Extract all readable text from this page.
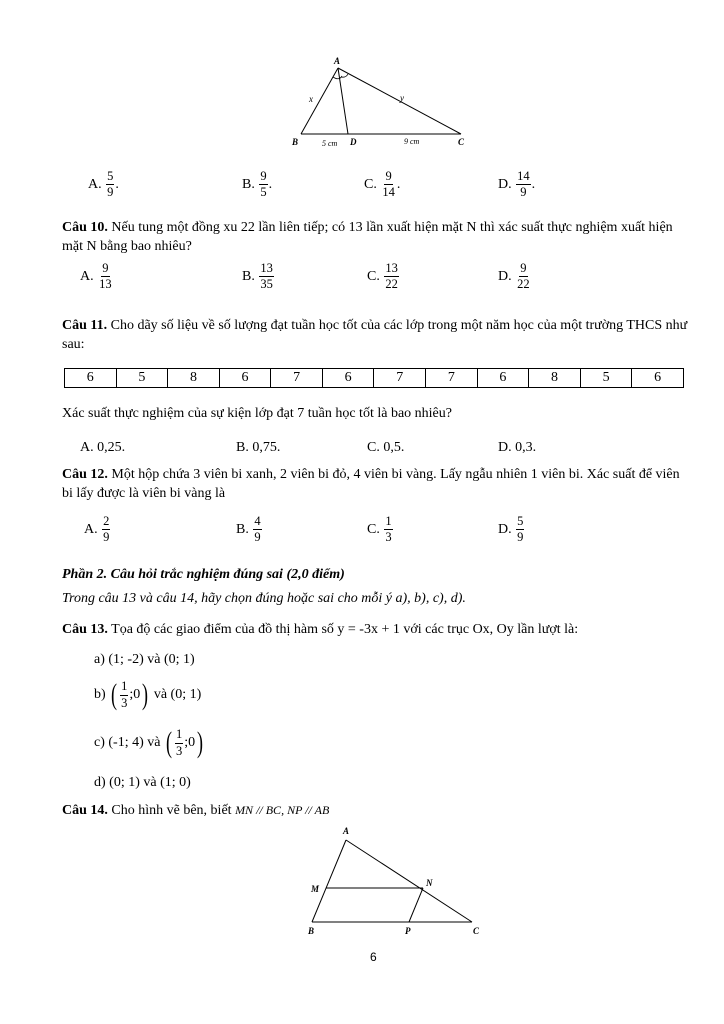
A
B	D	C
x	y
5 cm	9 cm
A. $\frac{5}{9}$ .	B. $\frac{9}{5}$ .	C. $\frac{9}{14}$ .	D. $\frac{14}{9}$ .
Câu 10. Nếu tung một đồng xu 22 lần liên tiếp; có 13 lần xuất hiện mặt N thì xác suất thực nghiệm xuất hiện mặt N bằng bao nhiêu?
A. $\frac{9}{13}$	B. $\frac{13}{35}$	C. $\frac{13}{22}$	D. $\frac{9}{22}$
Câu 11. Cho dãy số liệu về số lượng đạt tuần học tốt của các lớp trong một năm học của một trường THCS như sau:
6	5	8	6	7	6	7	7	6	8	5	6
Xác suất thực nghiệm của sự kiện lớp đạt 7 tuần học tốt là bao nhiêu?
A. 0,25.	B. 0,75.	C. 0,5.	D. 0,3.
Câu 12. Một hộp chứa 3 viên bi xanh, 2 viên bi đỏ, 4 viên bi vàng. Lấy ngẫu nhiên 1 viên bi. Xác suất để viên bi lấy được là viên bi vàng là
A. $\frac{2}{9}$	B. $\frac{4}{9}$	C. $\frac{1}{3}$	D. $\frac{5}{9}$
Phần 2. Câu hỏi trắc nghiệm đúng sai (2,0 điểm)
Trong câu 13 và câu 14, hãy chọn đúng hoặc sai cho mỗi ý a), b), c), d).
Câu 13. Tọa độ các giao điểm của đồ thị hàm số y = -3x + 1 với các trục Ox, Oy lần lượt là:
a) (1; -2) và (0; 1)
b) ( $\frac{1}{3}$ ;0) và (0; 1)
c) (-1; 4) và ( $\frac{1}{3}$ ;0)
d) (0; 1) và (1; 0)
Câu 14. Cho hình vẽ bên, biết MN // BC, NP // AB
A
M
N
B	P	C
6
